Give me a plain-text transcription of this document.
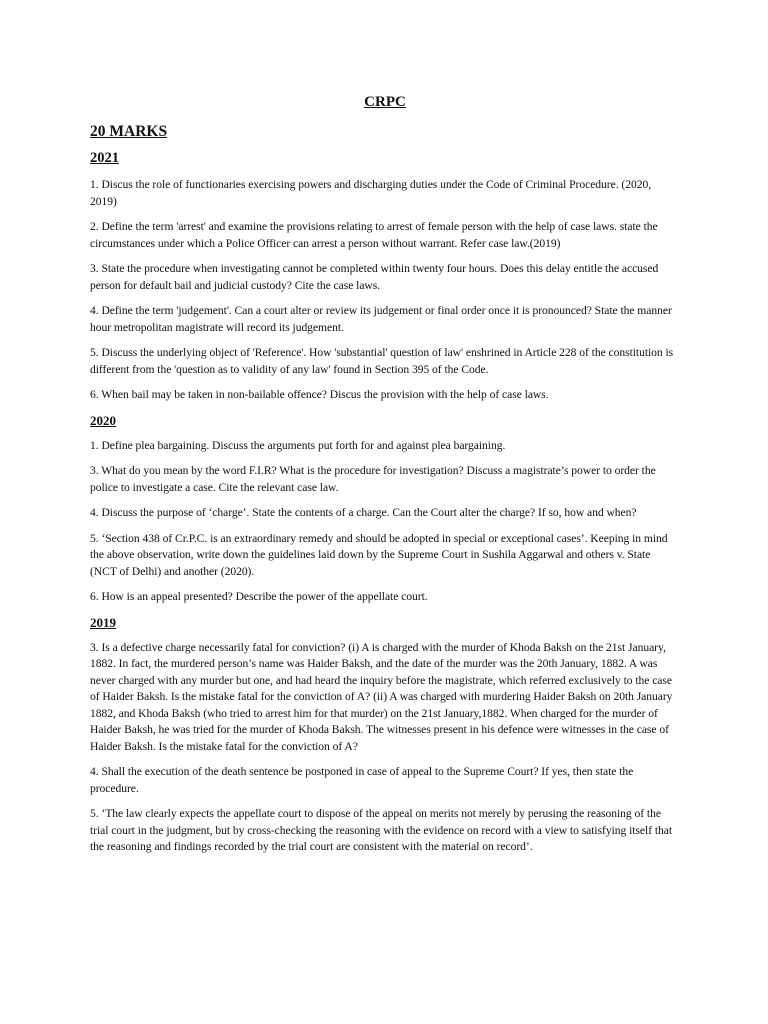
CRPC
20 MARKS
2021

1. Discus the role of functionaries exercising powers and discharging duties under the Code of Criminal Procedure. (2020, 2019)

2. Define the term 'arrest' and examine the provisions relating to arrest of female person with the help of case laws. state the circumstances under which a Police Officer can arrest a person without warrant. Refer case law.(2019)

3. State the procedure when investigating cannot be completed within twenty four hours. Does this delay entitle the accused person for default bail and judicial custody? Cite the case laws.

4. Define the term 'judgement'. Can a court alter or review its judgement or final order once it is pronounced? State the manner hour metropolitan magistrate will record its judgement.

5. Discuss the underlying object of 'Reference'. How 'substantial' question of law' enshrined in Article 228 of the constitution is different from the 'question as to validity of any law' found in Section 395 of the Code.

6. When bail may be taken in non-bailable offence? Discus the provision with the help of case laws.

2020

1. Define plea bargaining. Discuss the arguments put forth for and against plea bargaining.

3. What do you mean by the word F.I.R? What is the procedure for investigation? Discuss a magistrate’s power to order the police to investigate a case. Cite the relevant case law.

4. Discuss the purpose of ‘charge’. State the contents of a charge. Can the Court alter the charge? If so, how and when?

5. ‘Section 438 of Cr.P.C. is an extraordinary remedy and should be adopted in special or exceptional cases’. Keeping in mind the above observation, write down the guidelines laid down by the Supreme Court in Sushila Aggarwal and others v. State (NCT of Delhi) and another (2020).

6. How is an appeal presented? Describe the power of the appellate court.

2019

3. Is a defective charge necessarily fatal for conviction? (i) A is charged with the murder of Khoda Baksh on the 21st January, 1882. In fact, the murdered person’s name was Haider Baksh, and the date of the murder was the 20th January, 1882. A was never charged with any murder but one, and had heard the inquiry before the magistrate, which referred exclusively to the case of Haider Baksh. Is the mistake fatal for the conviction of A? (ii) A was charged with murdering Haider Baksh on 20th January 1882, and Khoda Baksh (who tried to arrest him for that murder) on the 21st January,1882. When charged for the murder of Haider Baksh, he was tried for the murder of Khoda Baksh. The witnesses present in his defence were witnesses in the case of Haider Baksh. Is the mistake fatal for the conviction of A?

4. Shall the execution of the death sentence be postponed in case of appeal to the Supreme Court? If yes, then state the procedure.

5. ‘The law clearly expects the appellate court to dispose of the appeal on merits not merely by perusing the reasoning of the trial court in the judgment, but by cross-checking the reasoning with the evidence on record with a view to satisfying itself that the reasoning and findings recorded by the trial court are consistent with the material on record’.
